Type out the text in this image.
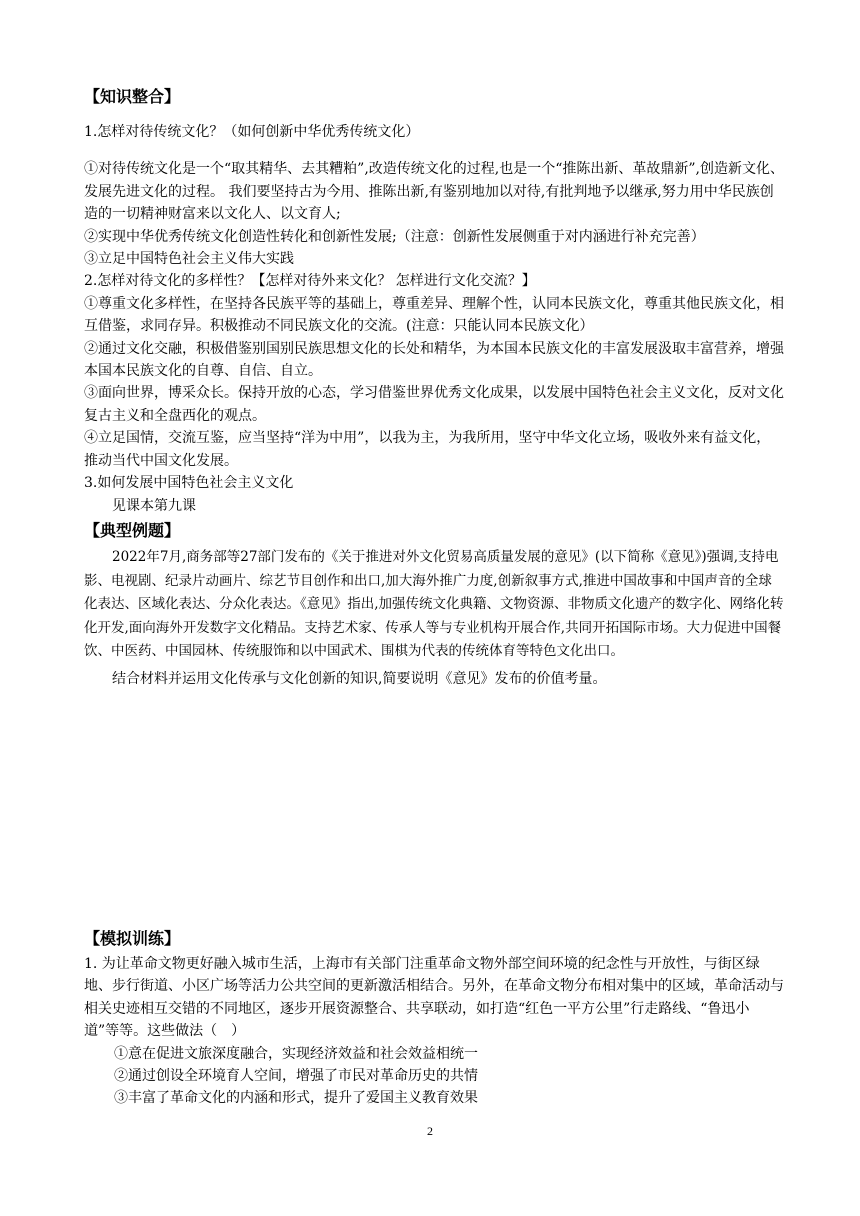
【知识整合】

1.怎样对待传统文化？（如何创新中华优秀传统文化）

①对待传统文化是一个“取其精华、去其糟粕”,改造传统文化的过程,也是一个“推陈出新、革故鼎新”,创造新文化、发展先进文化的过程。 我们要坚持古为今用、推陈出新,有鉴别地加以对待,有批判地予以继承,努力用中华民族创造的一切精神财富来以文化人、以文育人;

②实现中华优秀传统文化创造性转化和创新性发展;（注意：创新性发展侧重于对内涵进行补充完善）

③立足中国特色社会主义伟大实践

2.怎样对待文化的多样性？【怎样对待外来文化？ 怎样进行文化交流？】

①尊重文化多样性，在坚持各民族平等的基础上，尊重差异、理解个性，认同本民族文化，尊重其他民族文化，相互借鉴，求同存异。积极推动不同民族文化的交流。(注意：只能认同本民族文化）

②通过文化交融，积极借鉴别国别民族思想文化的长处和精华，为本国本民族文化的丰富发展汲取丰富营养，增强本国本民族文化的自尊、自信、自立。

③面向世界，博采众长。保持开放的心态，学习借鉴世界优秀文化成果，以发展中国特色社会主义文化，反对文化复古主义和全盘西化的观点。

④立足国情，交流互鉴，应当坚持“洋为中用”，以我为主，为我所用，坚守中华文化立场，吸收外来有益文化，推动当代中国文化发展。

3.如何发展中国特色社会主义文化

见课本第九课

【典型例题】

2022年7月,商务部等27部门发布的《关于推进对外文化贸易高质量发展的意见》(以下简称《意见》)强调,支持电影、电视剧、纪录片动画片、综艺节目创作和出口,加大海外推广力度,创新叙事方式,推进中国故事和中国声音的全球化表达、区域化表达、分众化表达。《意见》指出,加强传统文化典籍、文物资源、非物质文化遗产的数字化、网络化转化开发,面向海外开发数字文化精品。支持艺术家、传承人等与专业机构开展合作,共同开拓国际市场。大力促进中国餐饮、中医药、中国园林、传统服饰和以中国武术、围棋为代表的传统体育等特色文化出口。

结合材料并运用文化传承与文化创新的知识,简要说明《意见》发布的价值考量。

【模拟训练】

1. 为让革命文物更好融入城市生活，上海市有关部门注重革命文物外部空间环境的纪念性与开放性，与街区绿地、步行街道、小区广场等活力公共空间的更新激活相结合。另外，在革命文物分布相对集中的区域，革命活动与相关史迹相互交错的不同地区，逐步开展资源整合、共享联动，如打造“红色一平方公里”行走路线、“鲁迅小道”等等。这些做法（　）

①意在促进文旅深度融合，实现经济效益和社会效益相统一

②通过创设全环境育人空间，增强了市民对革命历史的共情

③丰富了革命文化的内涵和形式，提升了爱国主义教育效果

2
